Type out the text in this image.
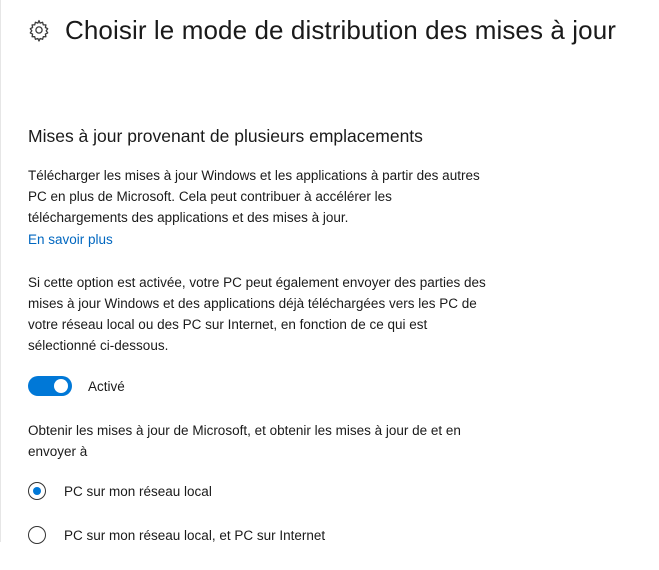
Choisir le mode de distribution des mises à jour
Mises à jour provenant de plusieurs emplacements

Télécharger les mises à jour Windows et les applications à partir des autres PC en plus de Microsoft. Cela peut contribuer à accélérer les téléchargements des applications et des mises à jour.

En savoir plus

Si cette option est activée, votre PC peut également envoyer des parties des mises à jour Windows et des applications déjà téléchargées vers les PC de votre réseau local ou des PC sur Internet, en fonction de ce qui est sélectionné ci-dessous.

Activé

Obtenir les mises à jour de Microsoft, et obtenir les mises à jour de et en envoyer à

PC sur mon réseau local
PC sur mon réseau local, et PC sur Internet
